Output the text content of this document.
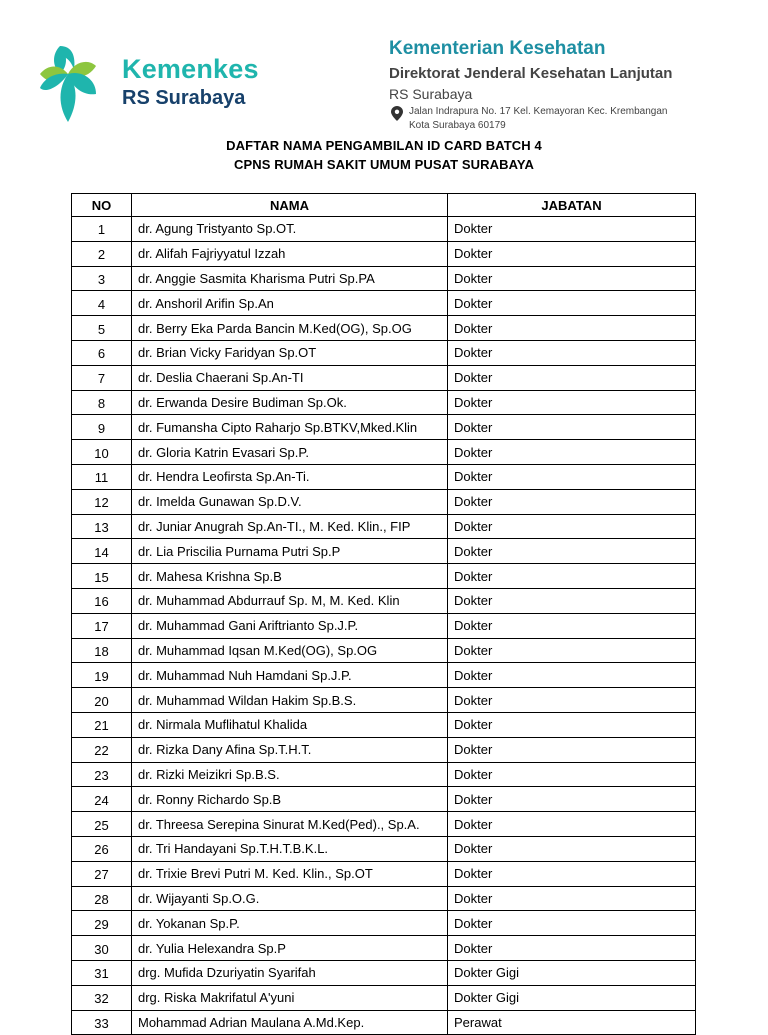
Kemenkes
RS Surabaya
Kementerian Kesehatan
Direktorat Jenderal Kesehatan Lanjutan
RS Surabaya
Jalan Indrapura No. 17 Kel. Kemayoran Kec. Krembangan
Kota Surabaya 60179
DAFTAR NAMA PENGAMBILAN ID CARD BATCH 4
CPNS RUMAH SAKIT UMUM PUSAT SURABAYA
NO	NAMA	JABATAN
1	dr. Agung Tristyanto Sp.OT.	Dokter
2	dr. Alifah Fajriyyatul Izzah	Dokter
3	dr. Anggie Sasmita Kharisma Putri Sp.PA	Dokter
4	dr. Anshoril Arifin Sp.An	Dokter
5	dr. Berry Eka Parda Bancin M.Ked(OG), Sp.OG	Dokter
6	dr. Brian Vicky Faridyan Sp.OT	Dokter
7	dr. Deslia Chaerani Sp.An-TI	Dokter
8	dr. Erwanda Desire Budiman Sp.Ok.	Dokter
9	dr. Fumansha Cipto Raharjo Sp.BTKV,Mked.Klin	Dokter
10	dr. Gloria Katrin Evasari Sp.P.	Dokter
11	dr. Hendra Leofirsta Sp.An-Ti.	Dokter
12	dr. Imelda Gunawan Sp.D.V.	Dokter
13	dr. Juniar Anugrah Sp.An-TI., M. Ked. Klin., FIP	Dokter
14	dr. Lia Priscilia Purnama Putri Sp.P	Dokter
15	dr. Mahesa Krishna Sp.B	Dokter
16	dr. Muhammad Abdurrauf Sp. M, M. Ked. Klin	Dokter
17	dr. Muhammad Gani Ariftrianto Sp.J.P.	Dokter
18	dr. Muhammad Iqsan M.Ked(OG), Sp.OG	Dokter
19	dr. Muhammad Nuh Hamdani Sp.J.P.	Dokter
20	dr. Muhammad Wildan Hakim Sp.B.S.	Dokter
21	dr. Nirmala Muflihatul Khalida	Dokter
22	dr. Rizka Dany Afina Sp.T.H.T.	Dokter
23	dr. Rizki Meizikri Sp.B.S.	Dokter
24	dr. Ronny Richardo Sp.B	Dokter
25	dr. Threesa Serepina Sinurat M.Ked(Ped)., Sp.A.	Dokter
26	dr. Tri Handayani Sp.T.H.T.B.K.L.	Dokter
27	dr. Trixie Brevi Putri M. Ked. Klin., Sp.OT	Dokter
28	dr. Wijayanti Sp.O.G.	Dokter
29	dr. Yokanan Sp.P.	Dokter
30	dr. Yulia Helexandra Sp.P	Dokter
31	drg. Mufida Dzuriyatin Syarifah	Dokter Gigi
32	drg. Riska Makrifatul A'yuni	Dokter Gigi
33	Mohammad Adrian Maulana A.Md.Kep.	Perawat
